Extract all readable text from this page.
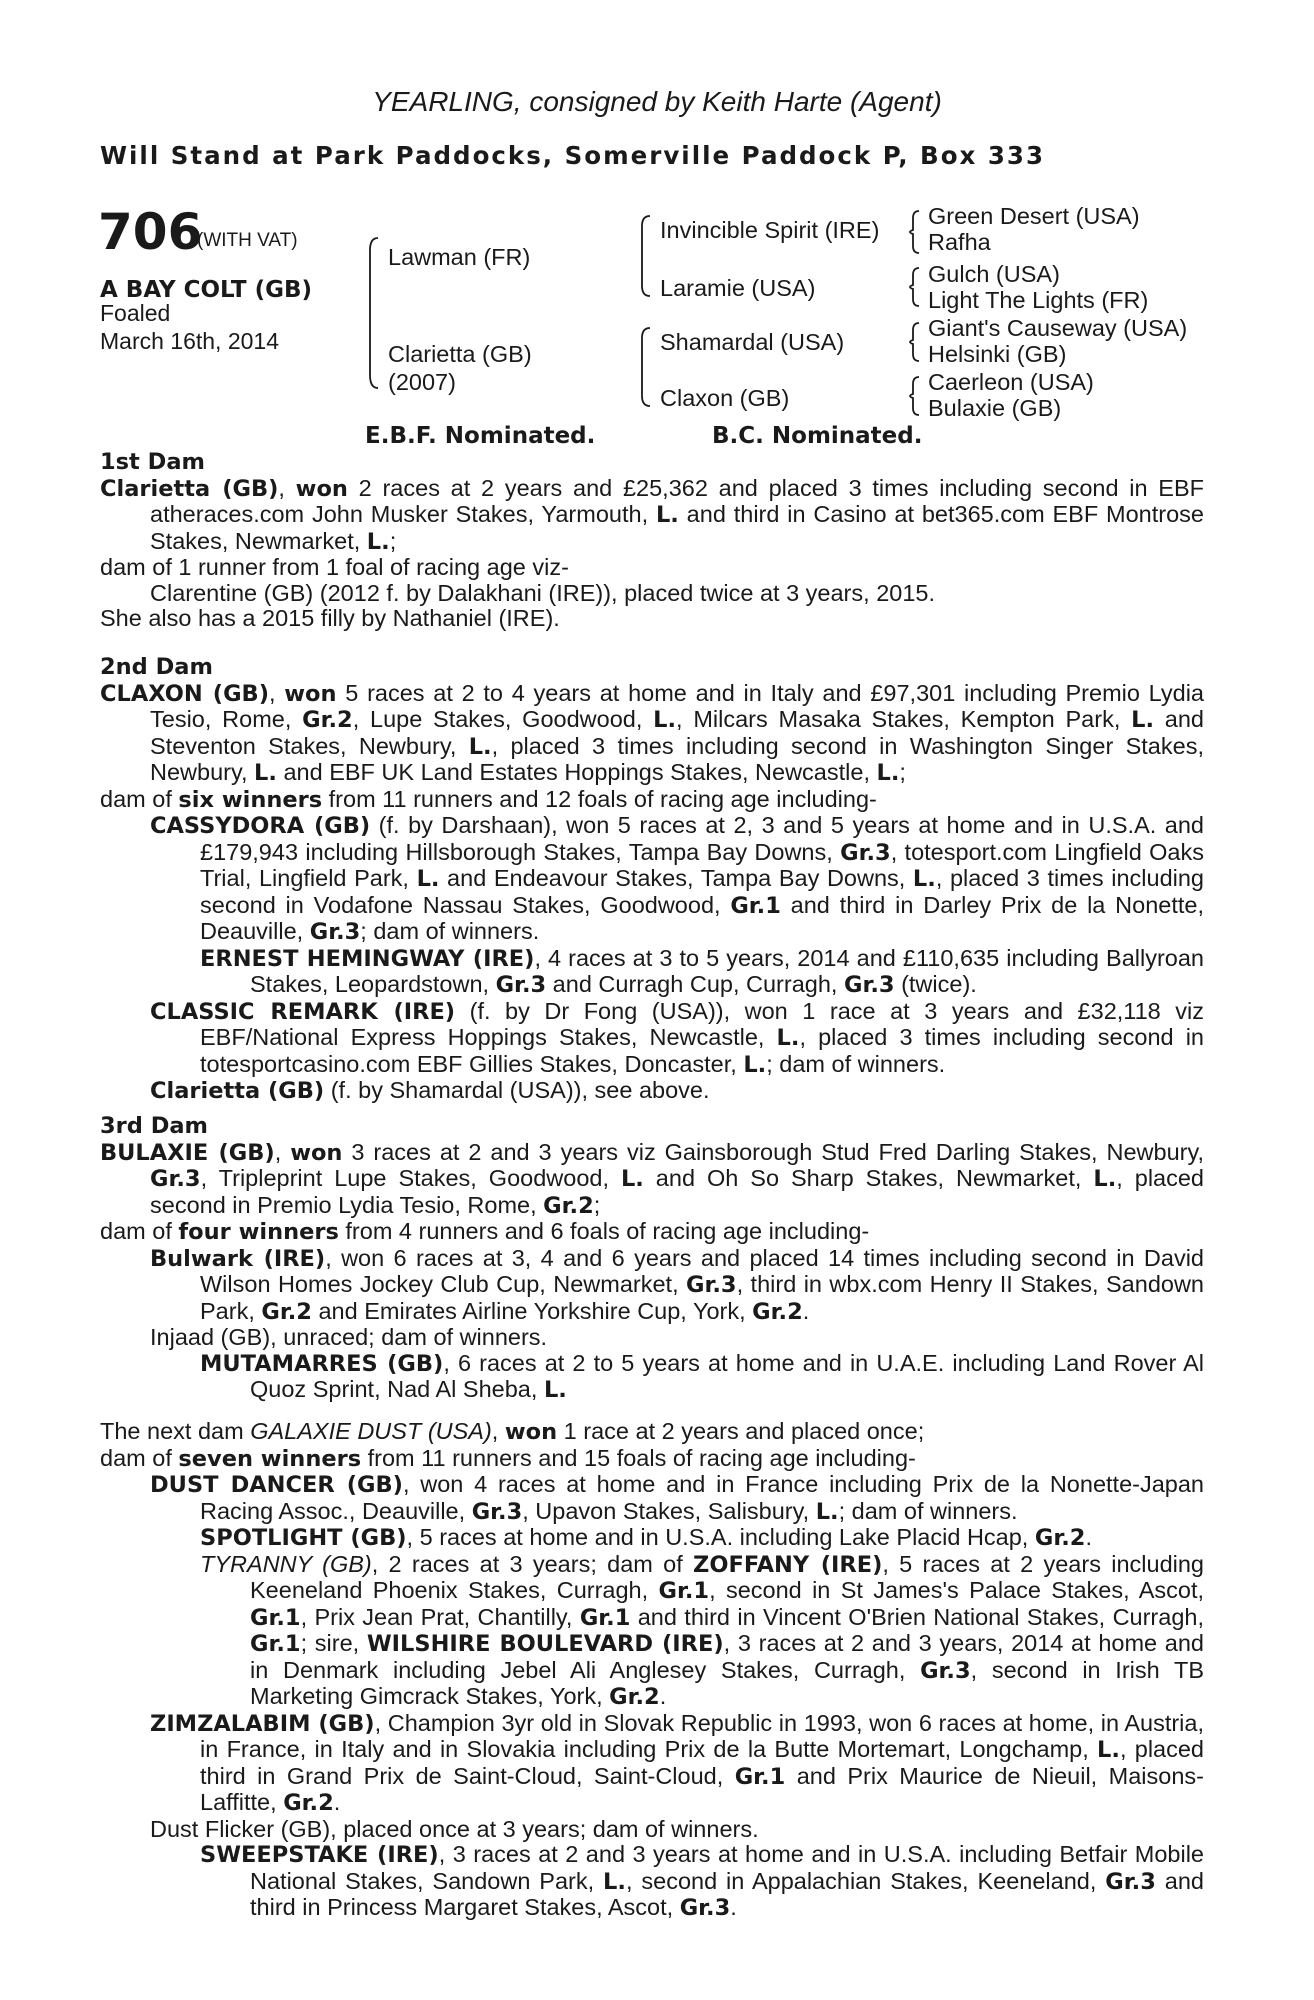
YEARLING, consigned by Keith Harte (Agent)
Will Stand at Park Paddocks, Somerville Paddock P, Box 333
706
(WITH VAT)
A BAY COLT (GB)
Foaled
March 16th, 2014
Lawman (FR)
Clarietta (GB)
(2007)
Invincible Spirit (IRE)
Laramie (USA)
Shamardal (USA)
Claxon (GB)
Green Desert (USA)
Rafha
Gulch (USA)
Light The Lights (FR)
Giant's Causeway (USA)
Helsinki (GB)
Caerleon (USA)
Bulaxie (GB)
E.B.F. Nominated.	B.C. Nominated.

1st Dam

Clarietta (GB), won 2 races at 2 years and £25,362 and placed 3 times including second in EBF atheraces.com John Musker Stakes, Yarmouth, L. and third in Casino at bet365.com EBF Montrose Stakes, Newmarket, L.;

dam of 1 runner from 1 foal of racing age viz-

Clarentine (GB) (2012 f. by Dalakhani (IRE)), placed twice at 3 years, 2015.

She also has a 2015 filly by Nathaniel (IRE).

2nd Dam

CLAXON (GB), won 5 races at 2 to 4 years at home and in Italy and £97,301 including Premio Lydia Tesio, Rome, Gr.2, Lupe Stakes, Goodwood, L., Milcars Masaka Stakes, Kempton Park, L. and Steventon Stakes, Newbury, L., placed 3 times including second in Washington Singer Stakes, Newbury, L. and EBF UK Land Estates Hoppings Stakes, Newcastle, L.;

dam of six winners from 11 runners and 12 foals of racing age including-

CASSYDORA (GB) (f. by Darshaan), won 5 races at 2, 3 and 5 years at home and in U.S.A. and £179,943 including Hillsborough Stakes, Tampa Bay Downs, Gr.3, totesport.com Lingfield Oaks Trial, Lingfield Park, L. and Endeavour Stakes, Tampa Bay Downs, L., placed 3 times including second in Vodafone Nassau Stakes, Goodwood, Gr.1 and third in Darley Prix de la Nonette, Deauville, Gr.3; dam of winners.

ERNEST HEMINGWAY (IRE), 4 races at 3 to 5 years, 2014 and £110,635 including Ballyroan Stakes, Leopardstown, Gr.3 and Curragh Cup, Curragh, Gr.3 (twice).

CLASSIC REMARK (IRE) (f. by Dr Fong (USA)), won 1 race at 3 years and £32,118 viz EBF/National Express Hoppings Stakes, Newcastle, L., placed 3 times including second in totesportcasino.com EBF Gillies Stakes, Doncaster, L.; dam of winners.

Clarietta (GB) (f. by Shamardal (USA)), see above.

3rd Dam

BULAXIE (GB), won 3 races at 2 and 3 years viz Gainsborough Stud Fred Darling Stakes, Newbury, Gr.3, Tripleprint Lupe Stakes, Goodwood, L. and Oh So Sharp Stakes, Newmarket, L., placed second in Premio Lydia Tesio, Rome, Gr.2;

dam of four winners from 4 runners and 6 foals of racing age including-

Bulwark (IRE), won 6 races at 3, 4 and 6 years and placed 14 times including second in David Wilson Homes Jockey Club Cup, Newmarket, Gr.3, third in wbx.com Henry II Stakes, Sandown Park, Gr.2 and Emirates Airline Yorkshire Cup, York, Gr.2.

Injaad (GB), unraced; dam of winners.

MUTAMARRES (GB), 6 races at 2 to 5 years at home and in U.A.E. including Land Rover Al Quoz Sprint, Nad Al Sheba, L.

The next dam GALAXIE DUST (USA), won 1 race at 2 years and placed once;

dam of seven winners from 11 runners and 15 foals of racing age including-

DUST DANCER (GB), won 4 races at home and in France including Prix de la Nonette-Japan Racing Assoc., Deauville, Gr.3, Upavon Stakes, Salisbury, L.; dam of winners.

SPOTLIGHT (GB), 5 races at home and in U.S.A. including Lake Placid Hcap, Gr.2.

TYRANNY (GB), 2 races at 3 years; dam of ZOFFANY (IRE), 5 races at 2 years including Keeneland Phoenix Stakes, Curragh, Gr.1, second in St James's Palace Stakes, Ascot, Gr.1, Prix Jean Prat, Chantilly, Gr.1 and third in Vincent O'Brien National Stakes, Curragh, Gr.1; sire, WILSHIRE BOULEVARD (IRE), 3 races at 2 and 3 years, 2014 at home and in Denmark including Jebel Ali Anglesey Stakes, Curragh, Gr.3, second in Irish TB Marketing Gimcrack Stakes, York, Gr.2.

ZIMZALABIM (GB), Champion 3yr old in Slovak Republic in 1993, won 6 races at home, in Austria, in France, in Italy and in Slovakia including Prix de la Butte Mortemart, Longchamp, L., placed third in Grand Prix de Saint-Cloud, Saint-Cloud, Gr.1 and Prix Maurice de Nieuil, Maisons-Laffitte, Gr.2.

Dust Flicker (GB), placed once at 3 years; dam of winners.

SWEEPSTAKE (IRE), 3 races at 2 and 3 years at home and in U.S.A. including Betfair Mobile National Stakes, Sandown Park, L., second in Appalachian Stakes, Keeneland, Gr.3 and third in Princess Margaret Stakes, Ascot, Gr.3.
